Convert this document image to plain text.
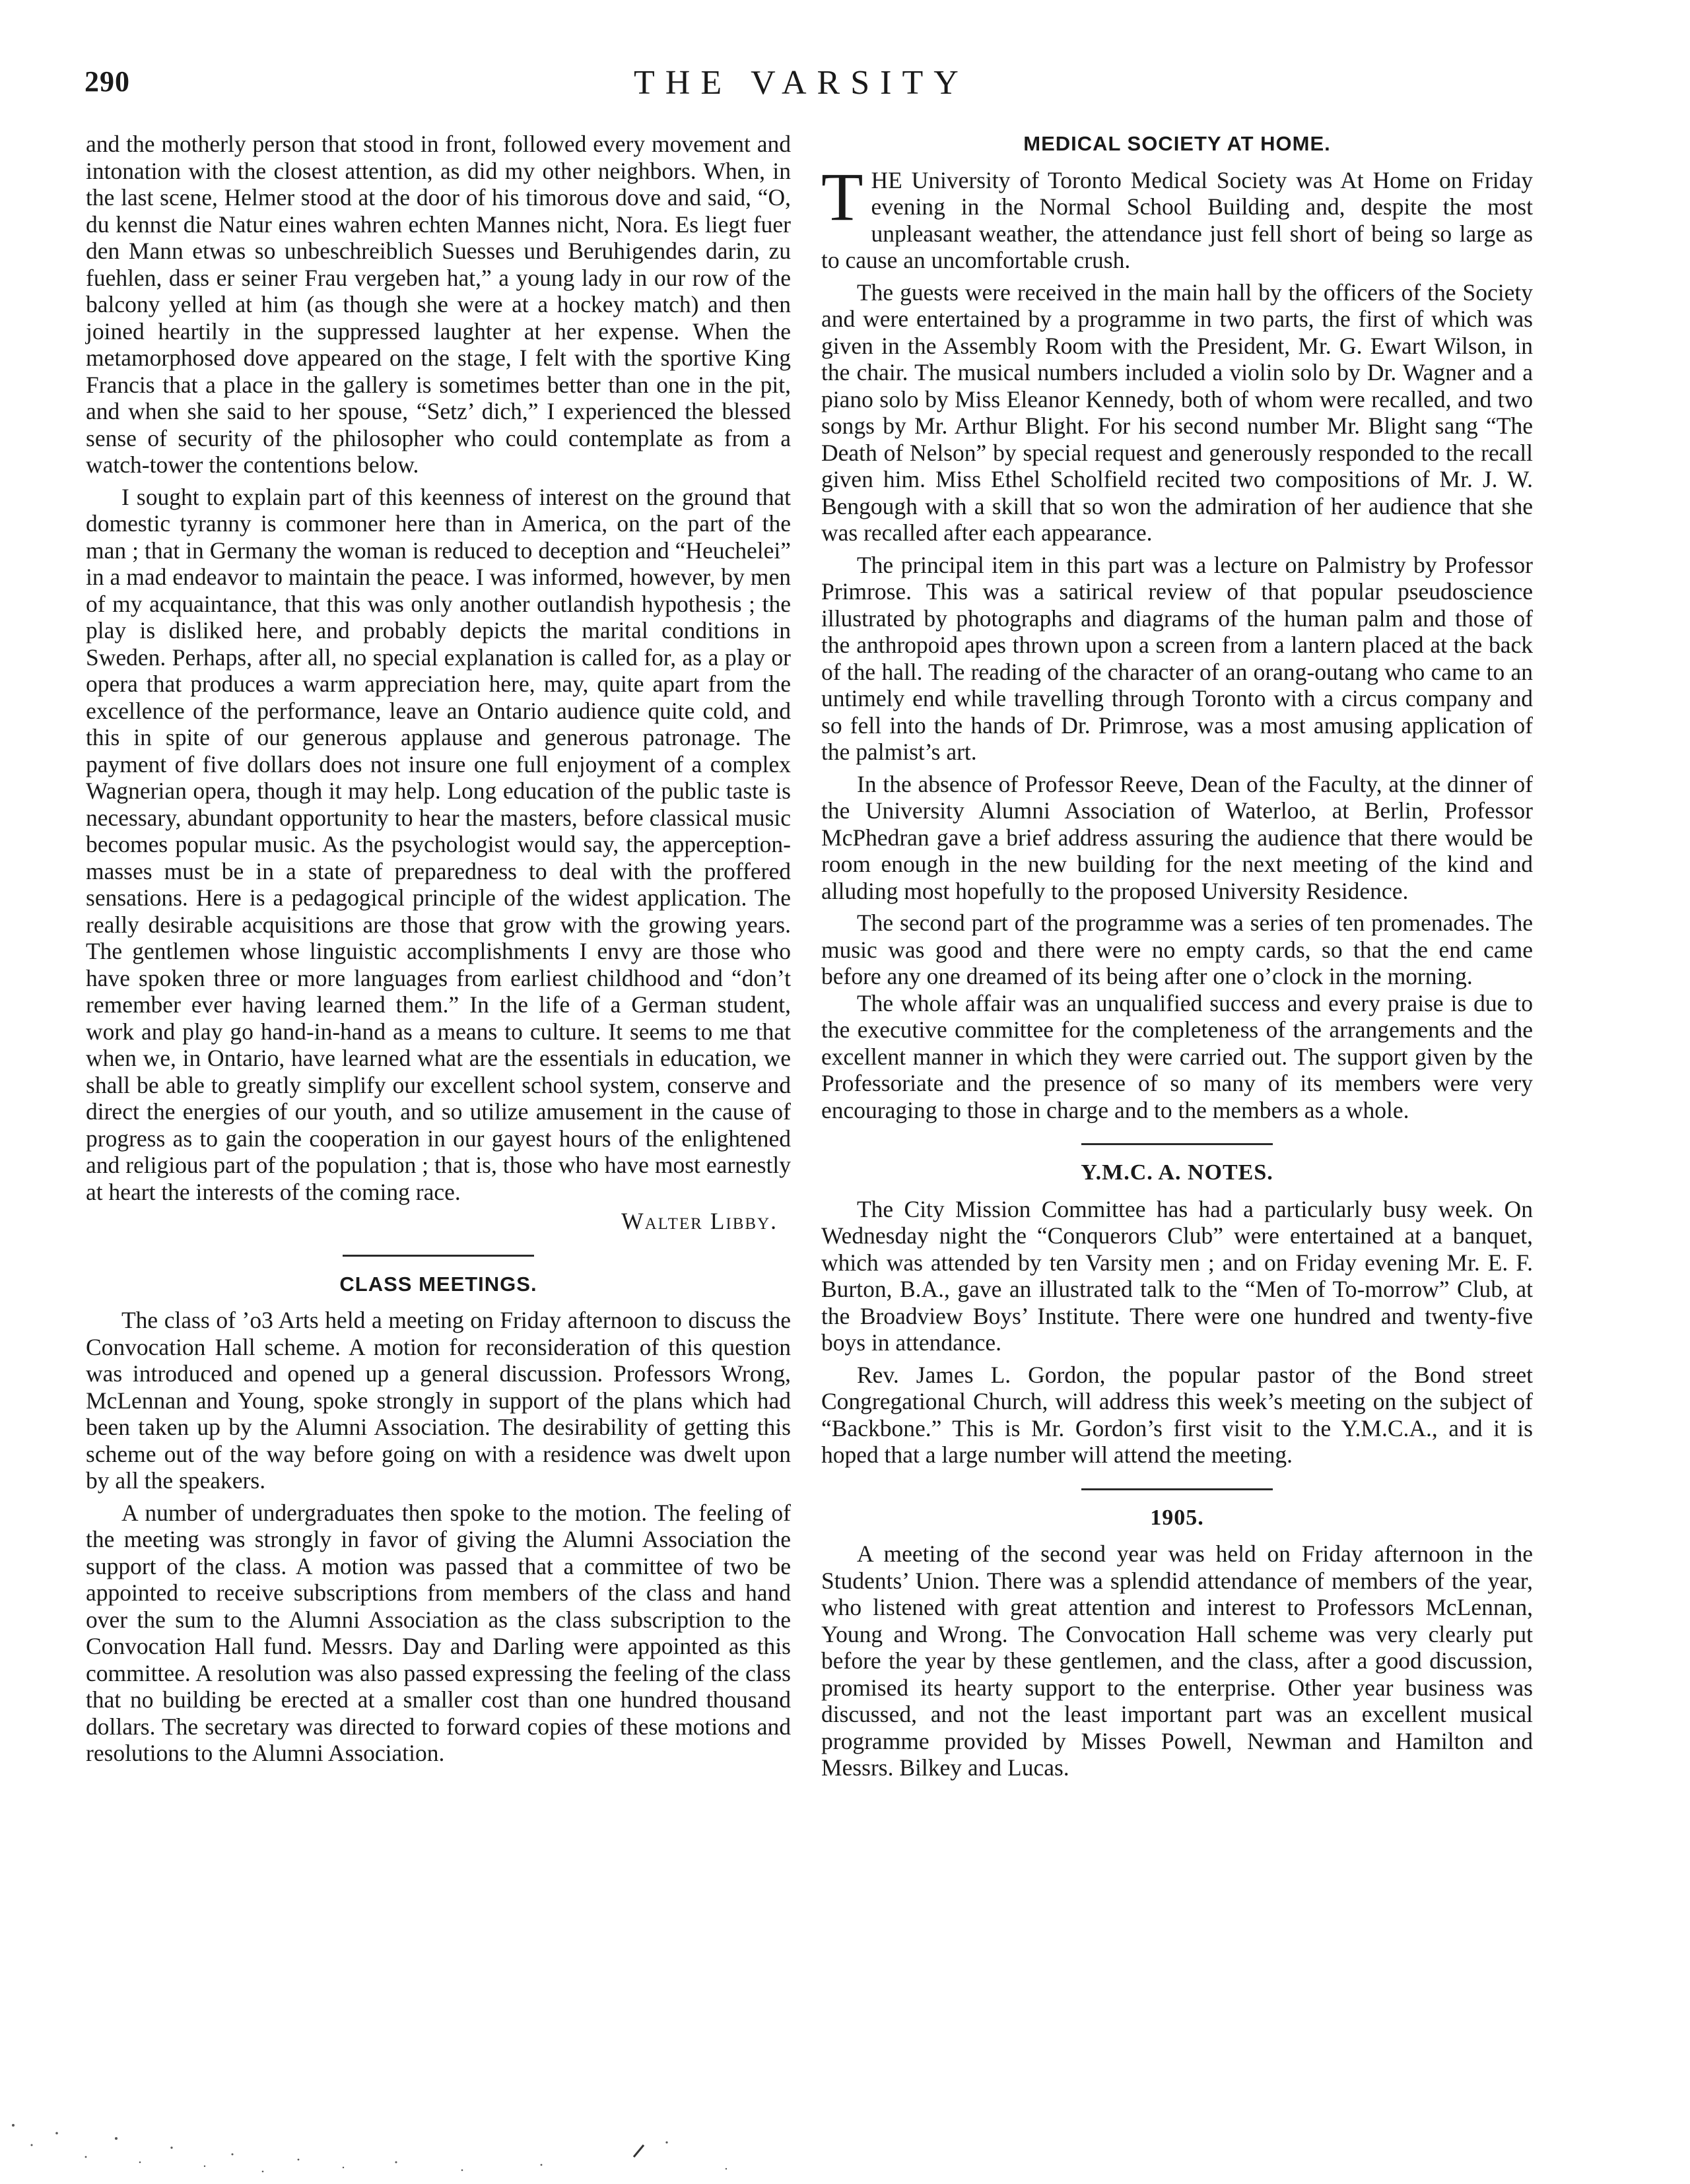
290	THE VARSITY

and the motherly person that stood in front, followed every movement and intonation with the closest attention, as did my other neighbors. When, in the last scene, Helmer stood at the door of his timorous dove and said, “O, du kennst die Natur eines wahren echten Mannes nicht, Nora. Es liegt fuer den Mann etwas so unbeschreiblich Suesses und Beruhigendes darin, zu fuehlen, dass er seiner Frau vergeben hat,” a young lady in our row of the balcony yelled at him (as though she were at a hockey match) and then joined heartily in the suppressed laughter at her expense. When the metamorphosed dove appeared on the stage, I felt with the sportive King Francis that a place in the gallery is sometimes better than one in the pit, and when she said to her spouse, “Setz’ dich,” I experienced the blessed sense of security of the philosopher who could contemplate as from a watch-tower the contentions below.

I sought to explain part of this keenness of interest on the ground that domestic tyranny is commoner here than in America, on the part of the man ; that in Germany the woman is reduced to deception and “Heuchelei” in a mad endeavor to maintain the peace. I was informed, however, by men of my acquaintance, that this was only another outlandish hypothesis ; the play is disliked here, and probably depicts the marital conditions in Sweden. Perhaps, after all, no special explanation is called for, as a play or opera that produces a warm appreciation here, may, quite apart from the excellence of the performance, leave an Ontario audience quite cold, and this in spite of our generous applause and generous patronage. The payment of five dollars does not insure one full enjoyment of a complex Wagnerian opera, though it may help. Long education of the public taste is necessary, abundant opportunity to hear the masters, before classical music becomes popular music. As the psychologist would say, the apperception-masses must be in a state of preparedness to deal with the proffered sensations. Here is a pedagogical principle of the widest application. The really desirable acquisitions are those that grow with the growing years. The gentlemen whose linguistic accomplishments I envy are those who have spoken three or more languages from earliest childhood and “don’t remember ever having learned them.” In the life of a German student, work and play go hand-in-hand as a means to culture. It seems to me that when we, in Ontario, have learned what are the essentials in education, we shall be able to greatly simplify our excellent school system, conserve and direct the energies of our youth, and so utilize amusement in the cause of progress as to gain the cooperation in our gayest hours of the enlightened and religious part of the population ; that is, those who have most earnestly at heart the interests of the coming race.

Walter Libby.
CLASS MEETINGS.

The class of ’o3 Arts held a meeting on Friday afternoon to discuss the Convocation Hall scheme. A motion for reconsideration of this question was introduced and opened up a general discussion. Professors Wrong, McLennan and Young, spoke strongly in support of the plans which had been taken up by the Alumni Association. The desirability of getting this scheme out of the way before going on with a residence was dwelt upon by all the speakers.

A number of undergraduates then spoke to the motion. The feeling of the meeting was strongly in favor of giving the Alumni Association the support of the class. A motion was passed that a committee of two be appointed to receive subscriptions from members of the class and hand over the sum to the Alumni Association as the class subscription to the Convocation Hall fund. Messrs. Day and Darling were appointed as this committee. A resolution was also passed expressing the feeling of the class that no building be erected at a smaller cost than one hundred thousand dollars. The secretary was directed to forward copies of these motions and resolutions to the Alumni Association.

MEDICAL SOCIETY AT HOME.

THE University of Toronto Medical Society was At Home on Friday evening in the Normal School Building and, despite the most unpleasant weather, the attendance just fell short of being so large as to cause an uncomfortable crush.

The guests were received in the main hall by the officers of the Society and were entertained by a programme in two parts, the first of which was given in the Assembly Room with the President, Mr. G. Ewart Wilson, in the chair. The musical numbers included a violin solo by Dr. Wagner and a piano solo by Miss Eleanor Kennedy, both of whom were recalled, and two songs by Mr. Arthur Blight. For his second number Mr. Blight sang “The Death of Nelson” by special request and generously responded to the recall given him. Miss Ethel Scholfield recited two compositions of Mr. J. W. Bengough with a skill that so won the admiration of her audience that she was recalled after each appearance.

The principal item in this part was a lecture on Palmistry by Professor Primrose. This was a satirical review of that popular pseudoscience illustrated by photographs and diagrams of the human palm and those of the anthropoid apes thrown upon a screen from a lantern placed at the back of the hall. The reading of the character of an orang-outang who came to an untimely end while travelling through Toronto with a circus company and so fell into the hands of Dr. Primrose, was a most amusing application of the palmist’s art.

In the absence of Professor Reeve, Dean of the Faculty, at the dinner of the University Alumni Association of Waterloo, at Berlin, Professor McPhedran gave a brief address assuring the audience that there would be room enough in the new building for the next meeting of the kind and alluding most hopefully to the proposed University Residence.

The second part of the programme was a series of ten promenades. The music was good and there were no empty cards, so that the end came before any one dreamed of its being after one o’clock in the morning.

The whole affair was an unqualified success and every praise is due to the executive committee for the completeness of the arrangements and the excellent manner in which they were carried out. The support given by the Professoriate and the presence of so many of its members were very encouraging to those in charge and to the members as a whole.

Y.M.C. A. NOTES.

The City Mission Committee has had a particularly busy week. On Wednesday night the “Conquerors Club” were entertained at a banquet, which was attended by ten Varsity men ; and on Friday evening Mr. E. F. Burton, B.A., gave an illustrated talk to the “Men of To-morrow” Club, at the Broadview Boys’ Institute. There were one hundred and twenty-five boys in attendance.

Rev. James L. Gordon, the popular pastor of the Bond street Congregational Church, will address this week’s meeting on the subject of “Backbone.” This is Mr. Gordon’s first visit to the Y.M.C.A., and it is hoped that a large number will attend the meeting.

1905.

A meeting of the second year was held on Friday afternoon in the Students’ Union. There was a splendid attendance of members of the year, who listened with great attention and interest to Professors McLennan, Young and Wrong. The Convocation Hall scheme was very clearly put before the year by these gentlemen, and the class, after a good discussion, promised its hearty support to the enterprise. Other year business was discussed, and not the least important part was an excellent musical programme provided by Misses Powell, Newman and Hamilton and Messrs. Bilkey and Lucas.
